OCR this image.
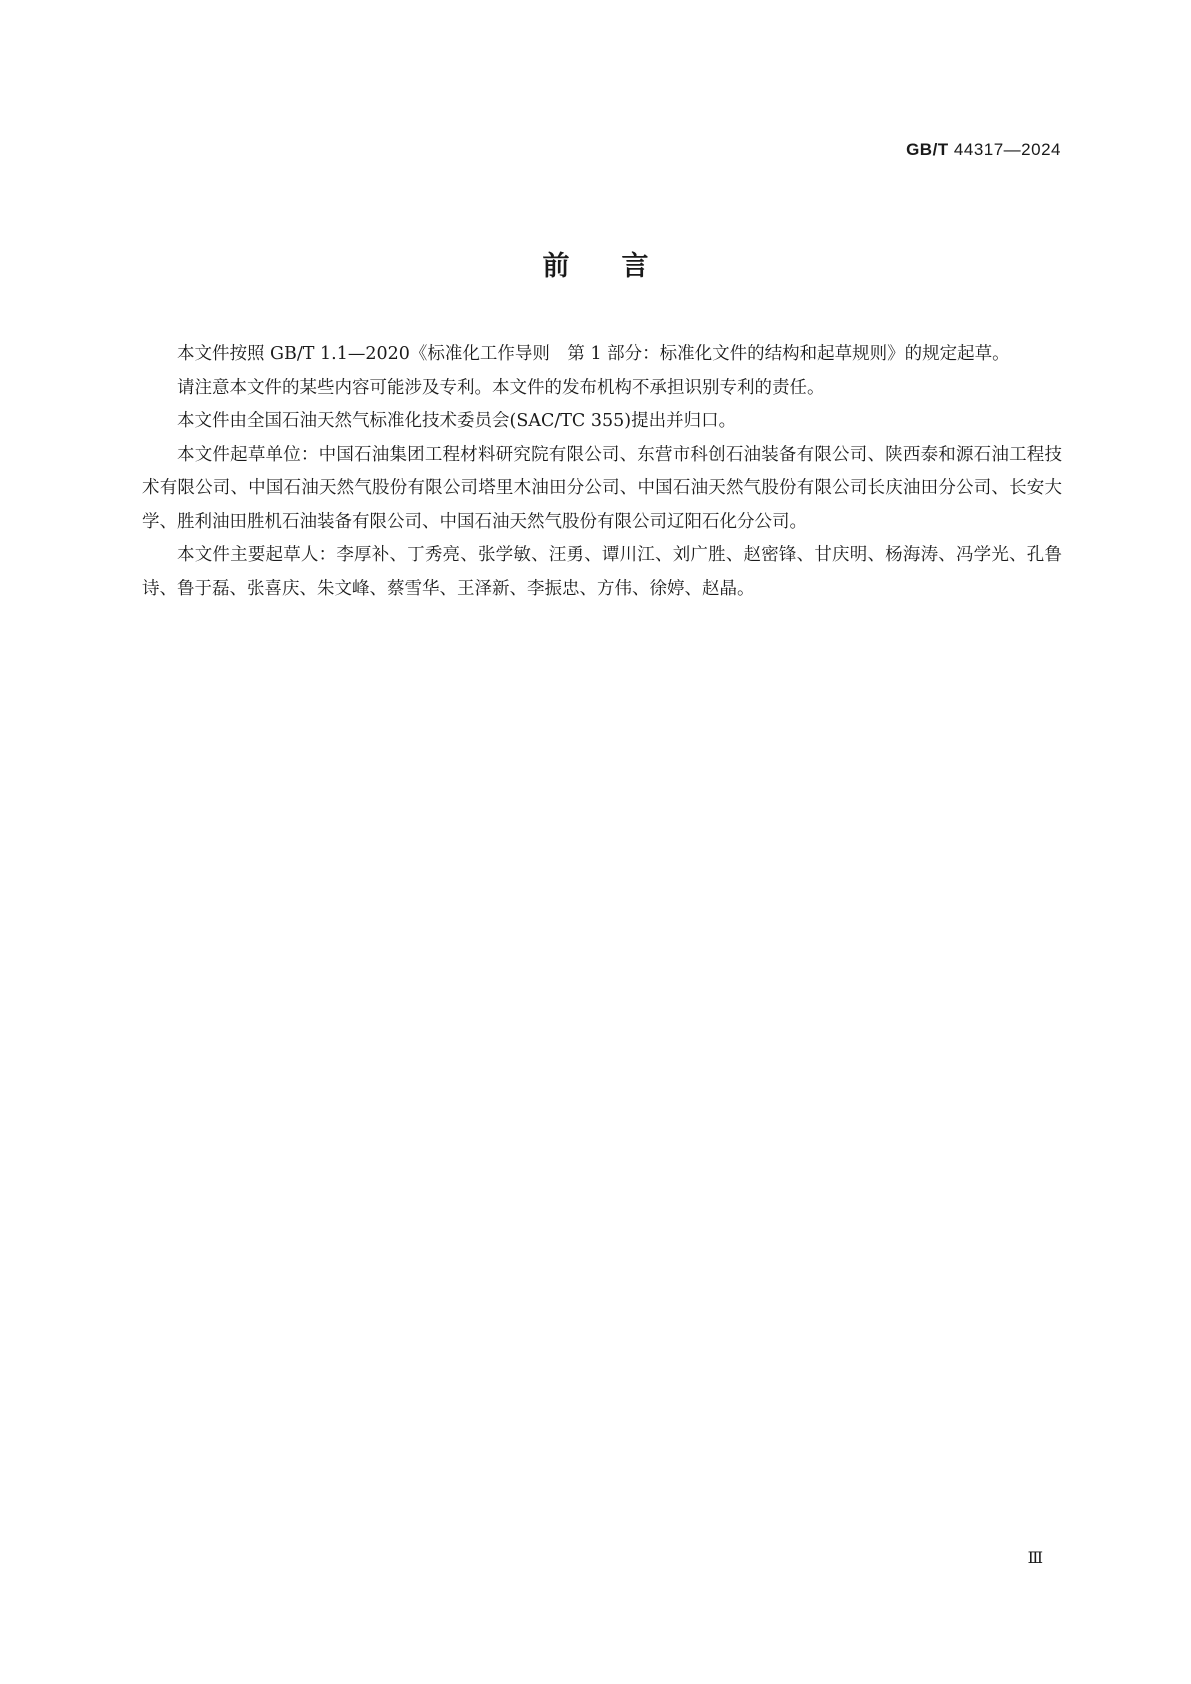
GB/T 44317—2024
前言

本文件按照 GB/T 1.1—2020《标准化工作导则　第 1 部分：标准化文件的结构和起草规则》的规定起草。

请注意本文件的某些内容可能涉及专利。本文件的发布机构不承担识别专利的责任。

本文件由全国石油天然气标准化技术委员会(SAC/TC 355)提出并归口。

本文件起草单位：中国石油集团工程材料研究院有限公司、东营市科创石油装备有限公司、陕西泰和源石油工程技术有限公司、中国石油天然气股份有限公司塔里木油田分公司、中国石油天然气股份有限公司长庆油田分公司、长安大学、胜利油田胜机石油装备有限公司、中国石油天然气股份有限公司辽阳石化分公司。

本文件主要起草人：李厚补、丁秀亮、张学敏、汪勇、谭川江、刘广胜、赵密锋、甘庆明、杨海涛、冯学光、孔鲁诗、鲁于磊、张喜庆、朱文峰、蔡雪华、王泽新、李振忠、方伟、徐婷、赵晶。

Ⅲ
